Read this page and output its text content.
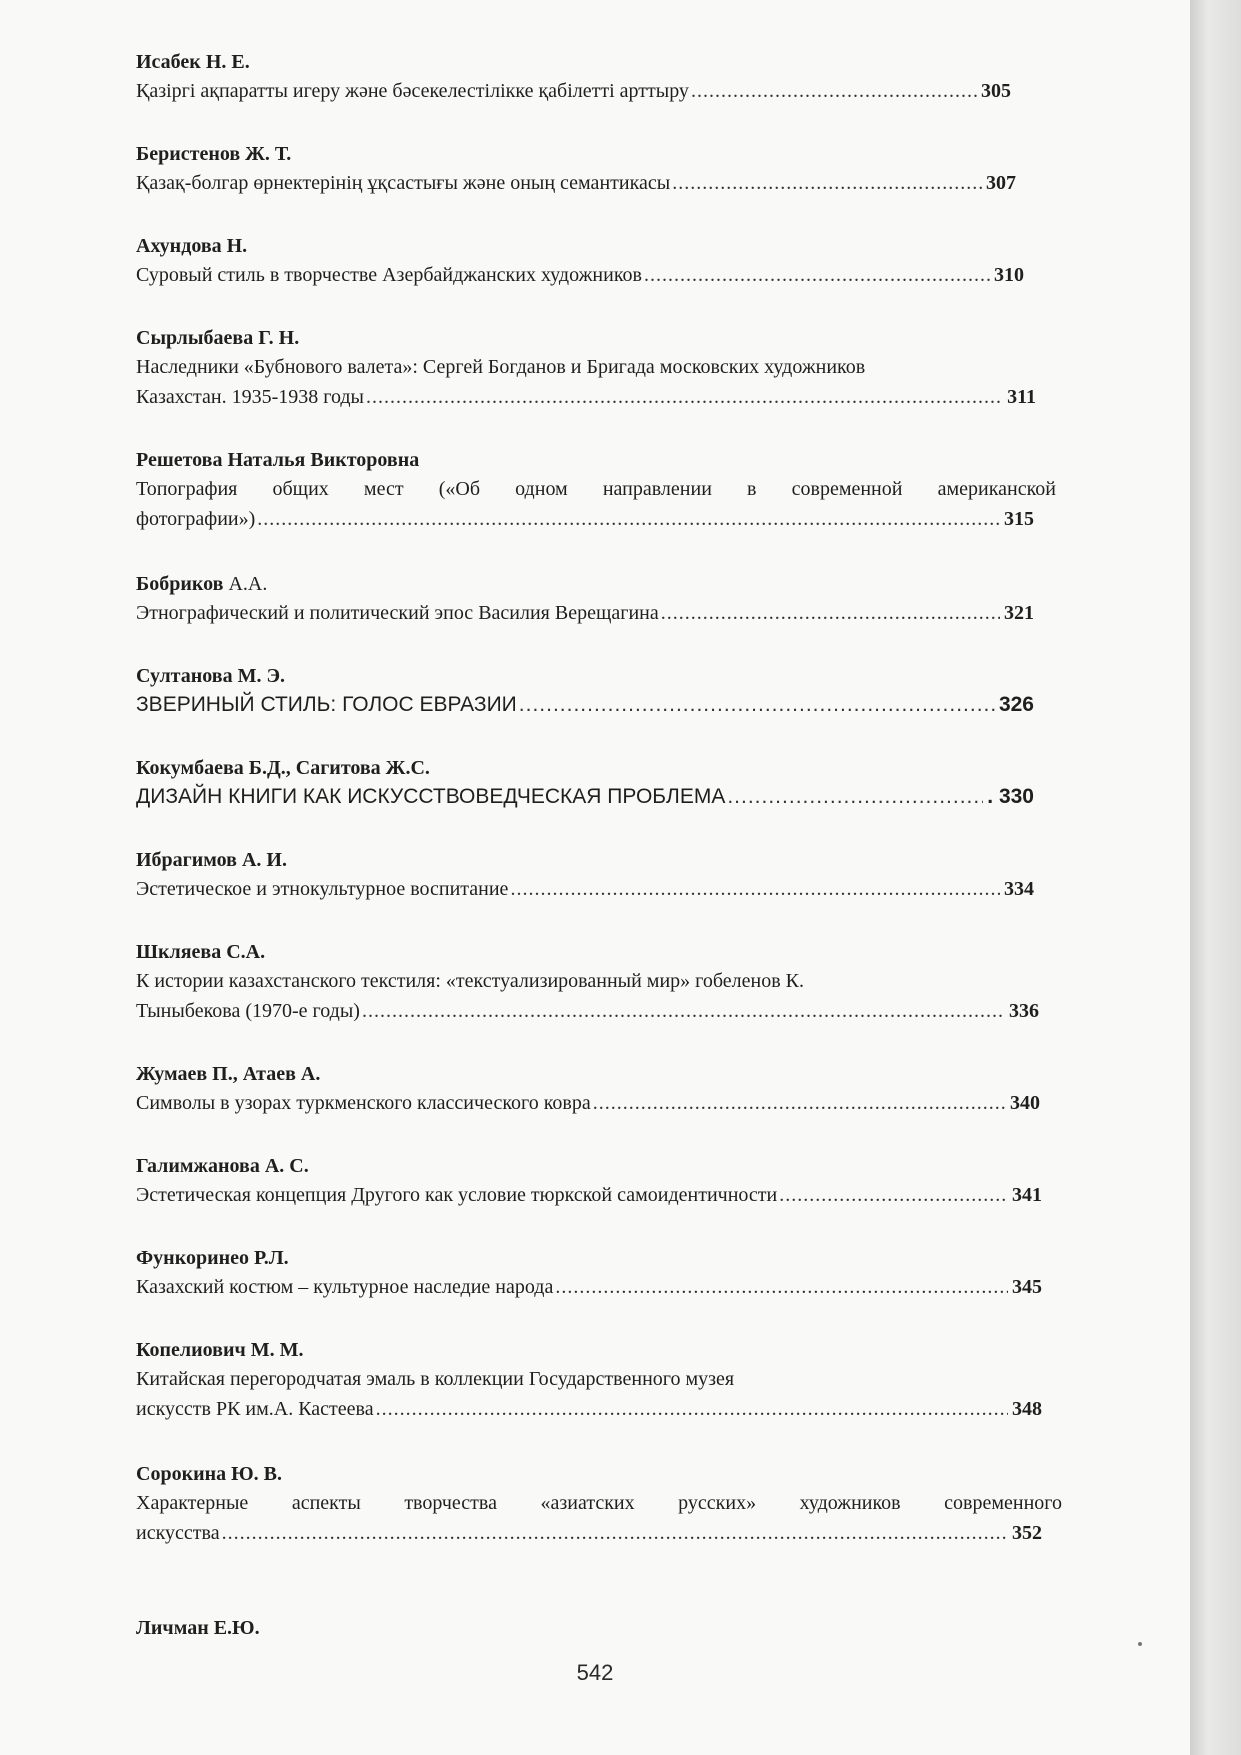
Исабек Н. Е.
Қазіргі ақпаратты игеру және бәсекелестілікке қабілетті арттыру .....	305
Беристенов Ж. Т.
Қазақ-болгар өрнектерінің ұқсастығы және оның семантикасы .....	307
Ахундова Н.
Суровый стиль в творчестве Азербайджанских художников .....	310
Сырлыбаева Г. Н.
Наследники «Бубнового валета»: Сергей Богданов и Бригада московских художников
Казахстан. 1935-1938 годы .....	311
Решетова Наталья Викторовна
Топография общих мест («Об одном направлении в современной американской
фотографии») .....	315
Бобриков А.А.
Этнографический и политический эпос Василия Верещагина .....	321
Султанова М. Э.
ЗВЕРИНЫЙ СТИЛЬ: ГОЛОС ЕВРАЗИИ .....	326
Кокумбаева Б.Д., Сагитова Ж.С.
ДИЗАЙН КНИГИ КАК ИСКУССТВОВЕДЧЕСКАЯ ПРОБЛЕМА .....	. 330
Ибрагимов А. И.
Эстетическое и этнокультурное воспитание .....	334
Шкляева С.А.
К истории казахстанского текстиля: «текстуализированный мир» гобеленов К.
Тыныбекова (1970-е годы) .....	336
Жумаев П., Атаев А.
Символы в узорах туркменского классического ковра .....	340
Галимжанова А. С.
Эстетическая концепция Другого как условие тюркской самоидентичности .....	341
Функоринео Р.Л.
Казахский костюм – культурное наследие народа .....	345
Копелиович М. М.
Китайская перегородчатая эмаль в коллекции Государственного музея
искусств РК им.А. Кастеева .....	348
Сорокина Ю. В.
Характерные аспекты творчества «азиатских русских» художников современного
искусства .....	352
Личман Е.Ю.
542
